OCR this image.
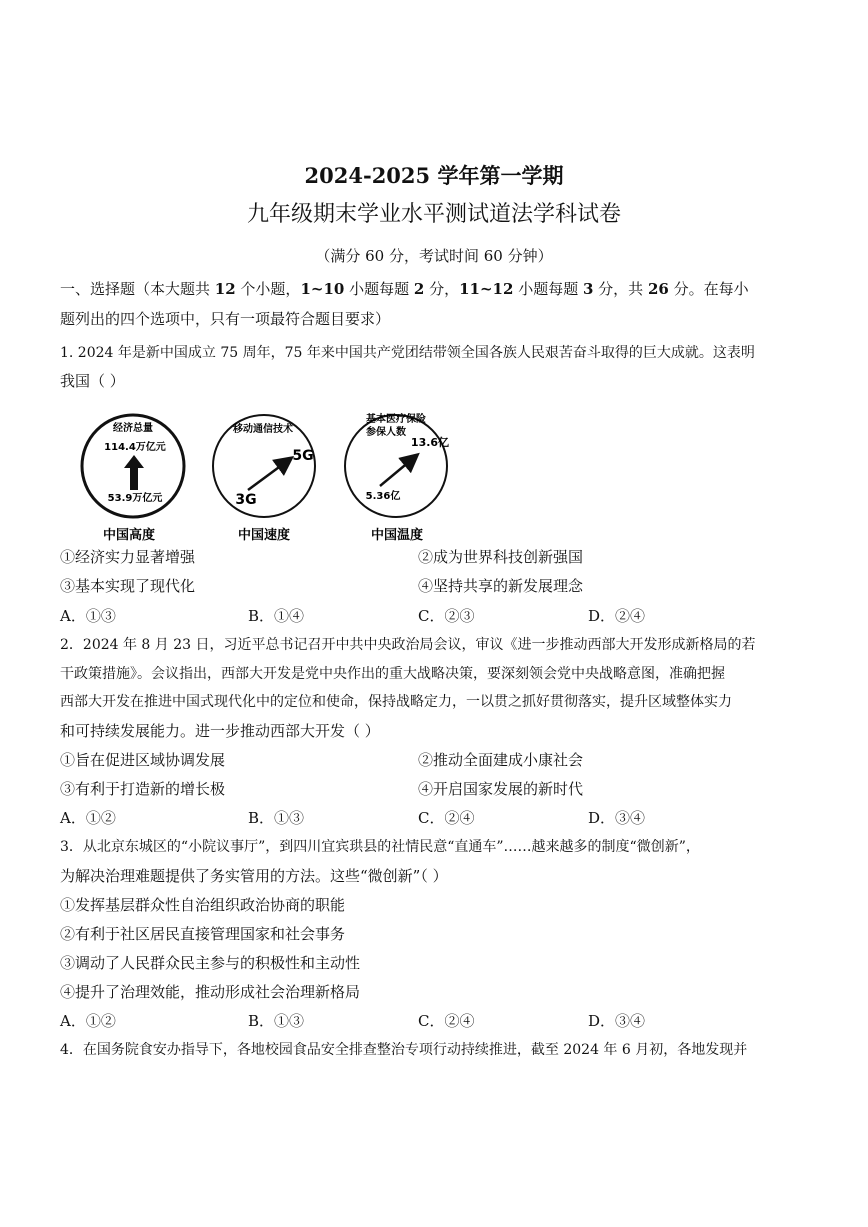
2024-2025 学年第一学期
九年级期末学业水平测试道法学科试卷
（满分 60 分，考试时间 60 分钟）
一、选择题（本大题共 12 个小题，1~10 小题每题 2 分，11~12 小题每题 3 分，共 26 分。在每小
题列出的四个选项中，只有一项最符合题目要求）
1. 2024 年是新中国成立 75 周年，75 年来中国共产党团结带领全国各族人民艰苦奋斗取得的巨大成就。这表明
我国（ ）
经济总量
114.4万亿元
53.9万亿元
移动通信技术
5G
3G
基本医疗保险
参保人数
13.6亿
5.36亿
中国高度	中国速度	中国温度
①经济实力显著增强	②成为世界科技创新强国
③基本实现了现代化	④坚持共享的新发展理念
A．①③	B．①④	C．②③	D．②④
2．2024 年 8 月 23 日，习近平总书记召开中共中央政治局会议，审议《进一步推动西部大开发形成新格局的若
干政策措施》。会议指出，西部大开发是党中央作出的重大战略决策，要深刻领会党中央战略意图，准确把握
西部大开发在推进中国式现代化中的定位和使命，保持战略定力，一以贯之抓好贯彻落实，提升区域整体实力
和可持续发展能力。进一步推动西部大开发（ ）
①旨在促进区域协调发展	②推动全面建成小康社会
③有利于打造新的增长极	④开启国家发展的新时代
A．①②	B．①③	C．②④	D．③④
3．从北京东城区的“小院议事厅”，到四川宜宾珙县的社情民意“直通车”……越来越多的制度“微创新”，
为解决治理难题提供了务实管用的方法。这些“微创新”（ ）
①发挥基层群众性自治组织政治协商的职能
②有利于社区居民直接管理国家和社会事务
③调动了人民群众民主参与的积极性和主动性
④提升了治理效能，推动形成社会治理新格局
A．①②	B．①③	C．②④	D．③④
4．在国务院食安办指导下，各地校园食品安全排查整治专项行动持续推进，截至 2024 年 6 月初，各地发现并
